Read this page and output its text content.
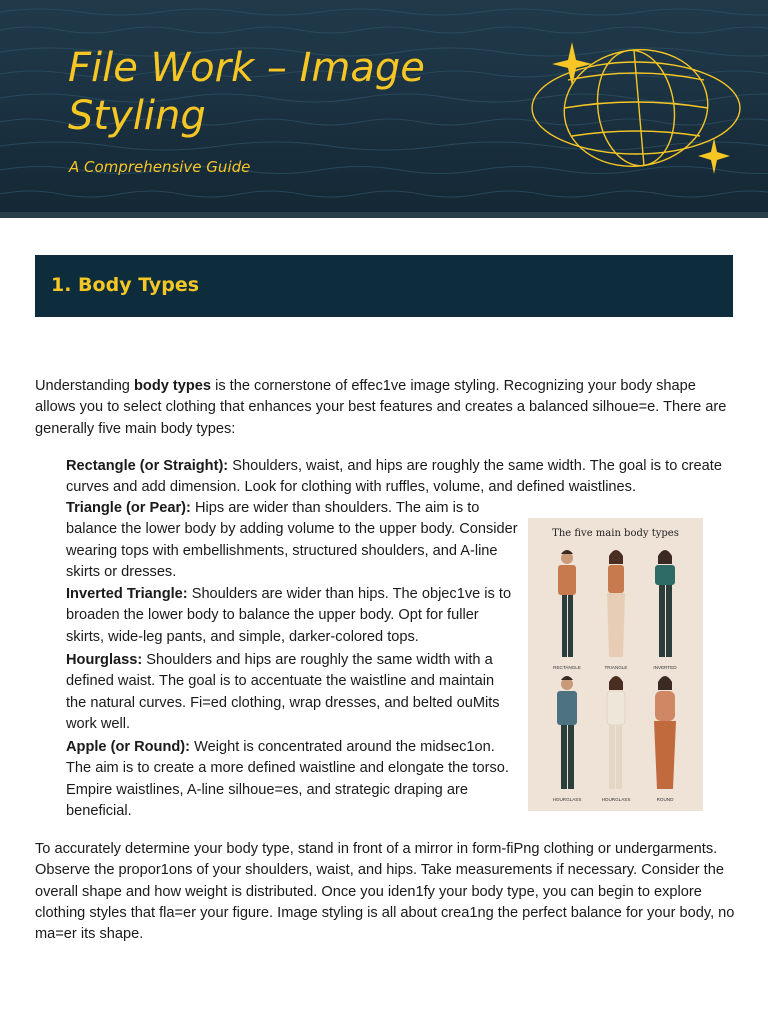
File Work – Image Styling
A Comprehensive Guide
1. Body Types

Understanding body types is the cornerstone of effec1ve image styling. Recognizing your body shape allows you to select clothing that enhances your best features and creates a balanced silhoue=e. There are generally five main body types:

Rectangle (or Straight): Shoulders, waist, and hips are roughly the same width. The goal is to create curves and add dimension. Look for clothing with ruffles, volume, and defined waistlines.

Triangle (or Pear): Hips are wider than shoulders. The aim is to balance the lower body by adding volume to the upper body. Consider wearing tops with embellishments, structured shoulders, and A-line skirts or dresses.

Inverted Triangle: Shoulders are wider than hips. The objec1ve is to broaden the lower body to balance the upper body. Opt for fuller skirts, wide-leg pants, and simple, darker-colored tops.

Hourglass: Shoulders and hips are roughly the same width with a defined waist. The goal is to accentuate the waistline and maintain the natural curves. Fi=ed clothing, wrap dresses, and belted ouMits work well.

Apple (or Round): Weight is concentrated around the midsec1on. The aim is to create a more defined waistline and elongate the torso. Empire waistlines, A-line silhoue=es, and strategic draping are beneficial.

The five main body types
RECTANGLE	TRIANGLE	INVERTED
HOURGLASS	HOURGLASS	ROUND

To accurately determine your body type, stand in front of a mirror in form-fiPng clothing or undergarments. Observe the propor1ons of your shoulders, waist, and hips. Take measurements if necessary. Consider the overall shape and how weight is distributed. Once you iden1fy your body type, you can begin to explore clothing styles that fla=er your figure. Image styling is all about crea1ng the perfect balance for your body, no ma=er its shape.
